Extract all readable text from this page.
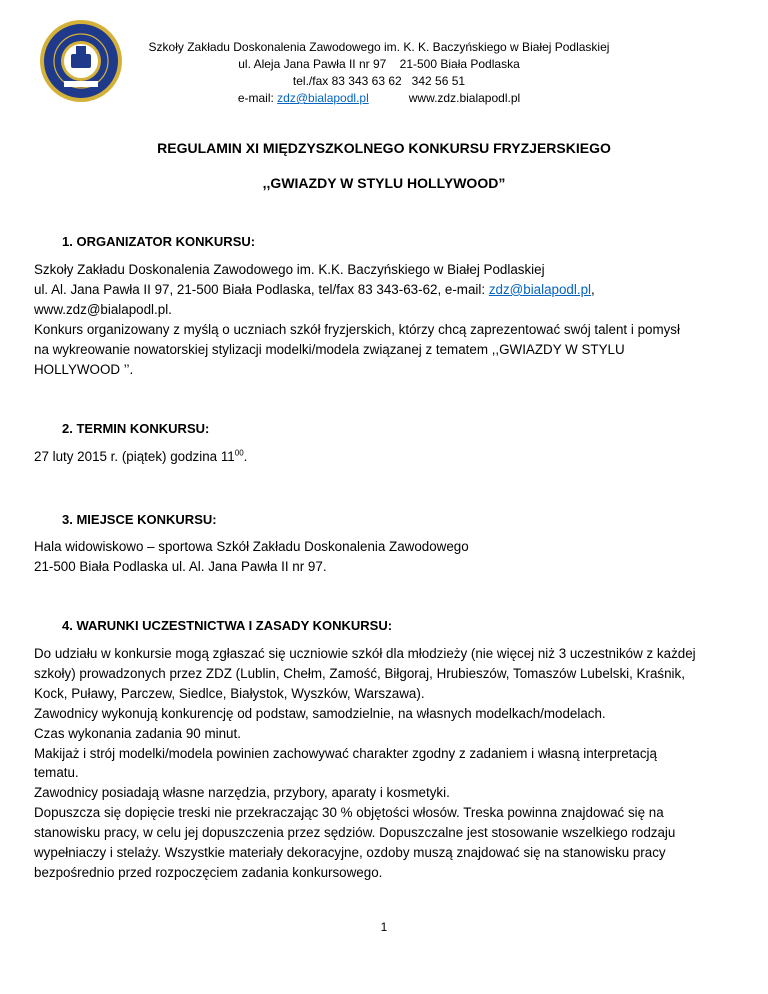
Szkoły Zakładu Doskonalenia Zawodowego im. K. K. Baczyńskiego w Białej Podlaskiej
ul. Aleja Jana Pawła II nr 97    21-500 Biała Podlaska
tel./fax 83 343 63 62   342 56 51
e-mail: zdz@bialapodl.pl	www.zdz.bialapodl.pl
REGULAMIN XI MIĘDZYSZKOLNEGO KONKURSU FRYZJERSKIEGO
,,GWIAZDY W STYLU HOLLYWOOD”
1. ORGANIZATOR KONKURSU:
Szkoły Zakładu Doskonalenia Zawodowego im. K.K. Baczyńskiego w Białej Podlaskiej
ul. Al. Jana Pawła II 97, 21-500 Biała Podlaska, tel/fax 83 343-63-62, e-mail: zdz@bialapodl.pl,
www.zdz@bialapodl.pl.
Konkurs organizowany z myślą o uczniach szkół fryzjerskich, którzy chcą zaprezentować swój talent i pomysł
na wykreowanie nowatorskiej stylizacji modelki/modela związanej z tematem ,,GWIAZDY W STYLU
HOLLYWOOD ’’.
2. TERMIN KONKURSU:
27 luty 2015 r. (piątek) godzina $11^{00}$.
3. MIEJSCE KONKURSU:
Hala widowiskowo – sportowa Szkół Zakładu Doskonalenia Zawodowego
21-500 Biała Podlaska ul. Al. Jana Pawła II nr 97.
4. WARUNKI UCZESTNICTWA I ZASADY KONKURSU:
Do udziału w konkursie mogą zgłaszać się uczniowie szkół dla młodzieży (nie więcej niż 3 uczestników z każdej
szkoły) prowadzonych przez ZDZ (Lublin, Chełm, Zamość, Biłgoraj, Hrubieszów, Tomaszów Lubelski, Kraśnik,
Kock, Puławy, Parczew, Siedlce, Białystok, Wyszków, Warszawa).
Zawodnicy wykonują konkurencję od podstaw, samodzielnie, na własnych modelkach/modelach.
Czas wykonania zadania 90 minut.
Makijaż i strój modelki/modela powinien zachowywać charakter zgodny z zadaniem i własną interpretacją
tematu.
Zawodnicy posiadają własne narzędzia, przybory, aparaty i kosmetyki.
Dopuszcza się dopięcie treski nie przekraczając 30 % objętości włosów. Treska powinna znajdować się na
stanowisku pracy, w celu jej dopuszczenia przez sędziów. Dopuszczalne jest stosowanie wszelkiego rodzaju
wypełniaczy i stelaży. Wszystkie materiały dekoracyjne, ozdoby muszą znajdować się na stanowisku pracy
bezpośrednio przed rozpoczęciem zadania konkursowego.
1
